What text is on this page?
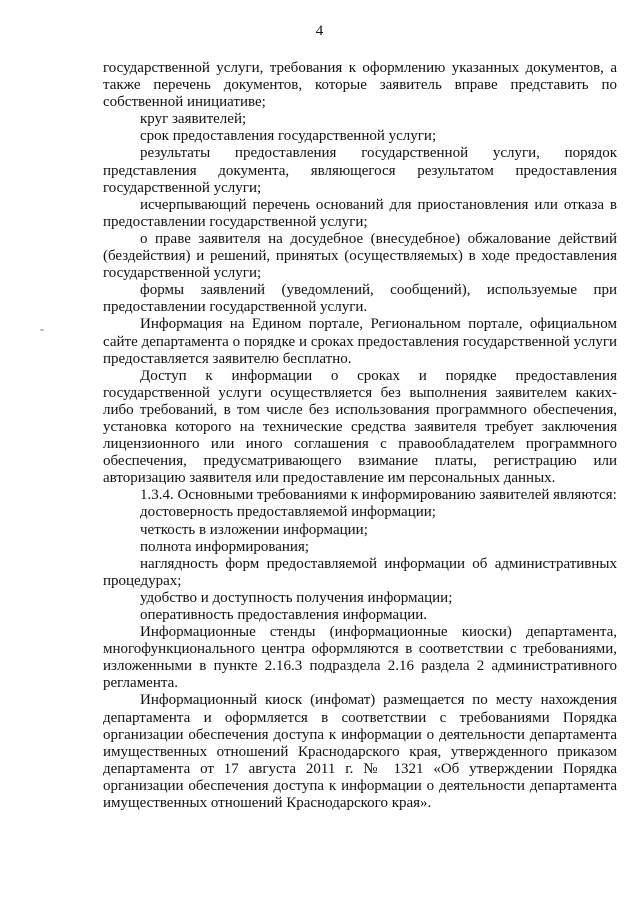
4
-

государственной услуги, требования к оформлению указанных документов, а также перечень документов, которые заявитель вправе представить по собственной инициативе;

круг заявителей;

срок предоставления государственной услуги;

результаты предоставления государственной услуги, порядок представления документа, являющегося результатом предоставления государственной услуги;

исчерпывающий перечень оснований для приостановления или отказа в предоставлении государственной услуги;

о праве заявителя на досудебное (внесудебное) обжалование действий (бездействия) и решений, принятых (осуществляемых) в ходе предоставления государственной услуги;

формы заявлений (уведомлений, сообщений), используемые при предоставлении государственной услуги.

Информация на Едином портале, Региональном портале, официальном сайте департамента о порядке и сроках предоставления государственной услуги предоставляется заявителю бесплатно.

Доступ к информации о сроках и порядке предоставления государственной услуги осуществляется без выполнения заявителем каких-либо требований, в том числе без использования программного обеспечения, установка которого на технические средства заявителя требует заключения лицензионного или иного соглашения с правообладателем программного обеспечения, предусматривающего взимание платы, регистрацию или авторизацию заявителя или предоставление им персональных данных.

1.3.4. Основными требованиями к информированию заявителей являются:

достоверность предоставляемой информации;

четкость в изложении информации;

полнота информирования;

наглядность форм предоставляемой информации об административных процедурах;

удобство и доступность получения информации;

оперативность предоставления информации.

Информационные стенды (информационные киоски) департамента, многофункционального центра оформляются в соответствии с требованиями, изложенными в пункте 2.16.3 подраздела 2.16 раздела 2 административного регламента.

Информационный киоск (инфомат) размещается по месту нахождения департамента и оформляется в соответствии с требованиями Порядка организации обеспечения доступа к информации о деятельности департамента имущественных отношений Краснодарского края, утвержденного приказом департамента от 17 августа 2011 г. № 1321 «Об утверждении Порядка организации обеспечения доступа к информации о деятельности департамента имущественных отношений Краснодарского края».
